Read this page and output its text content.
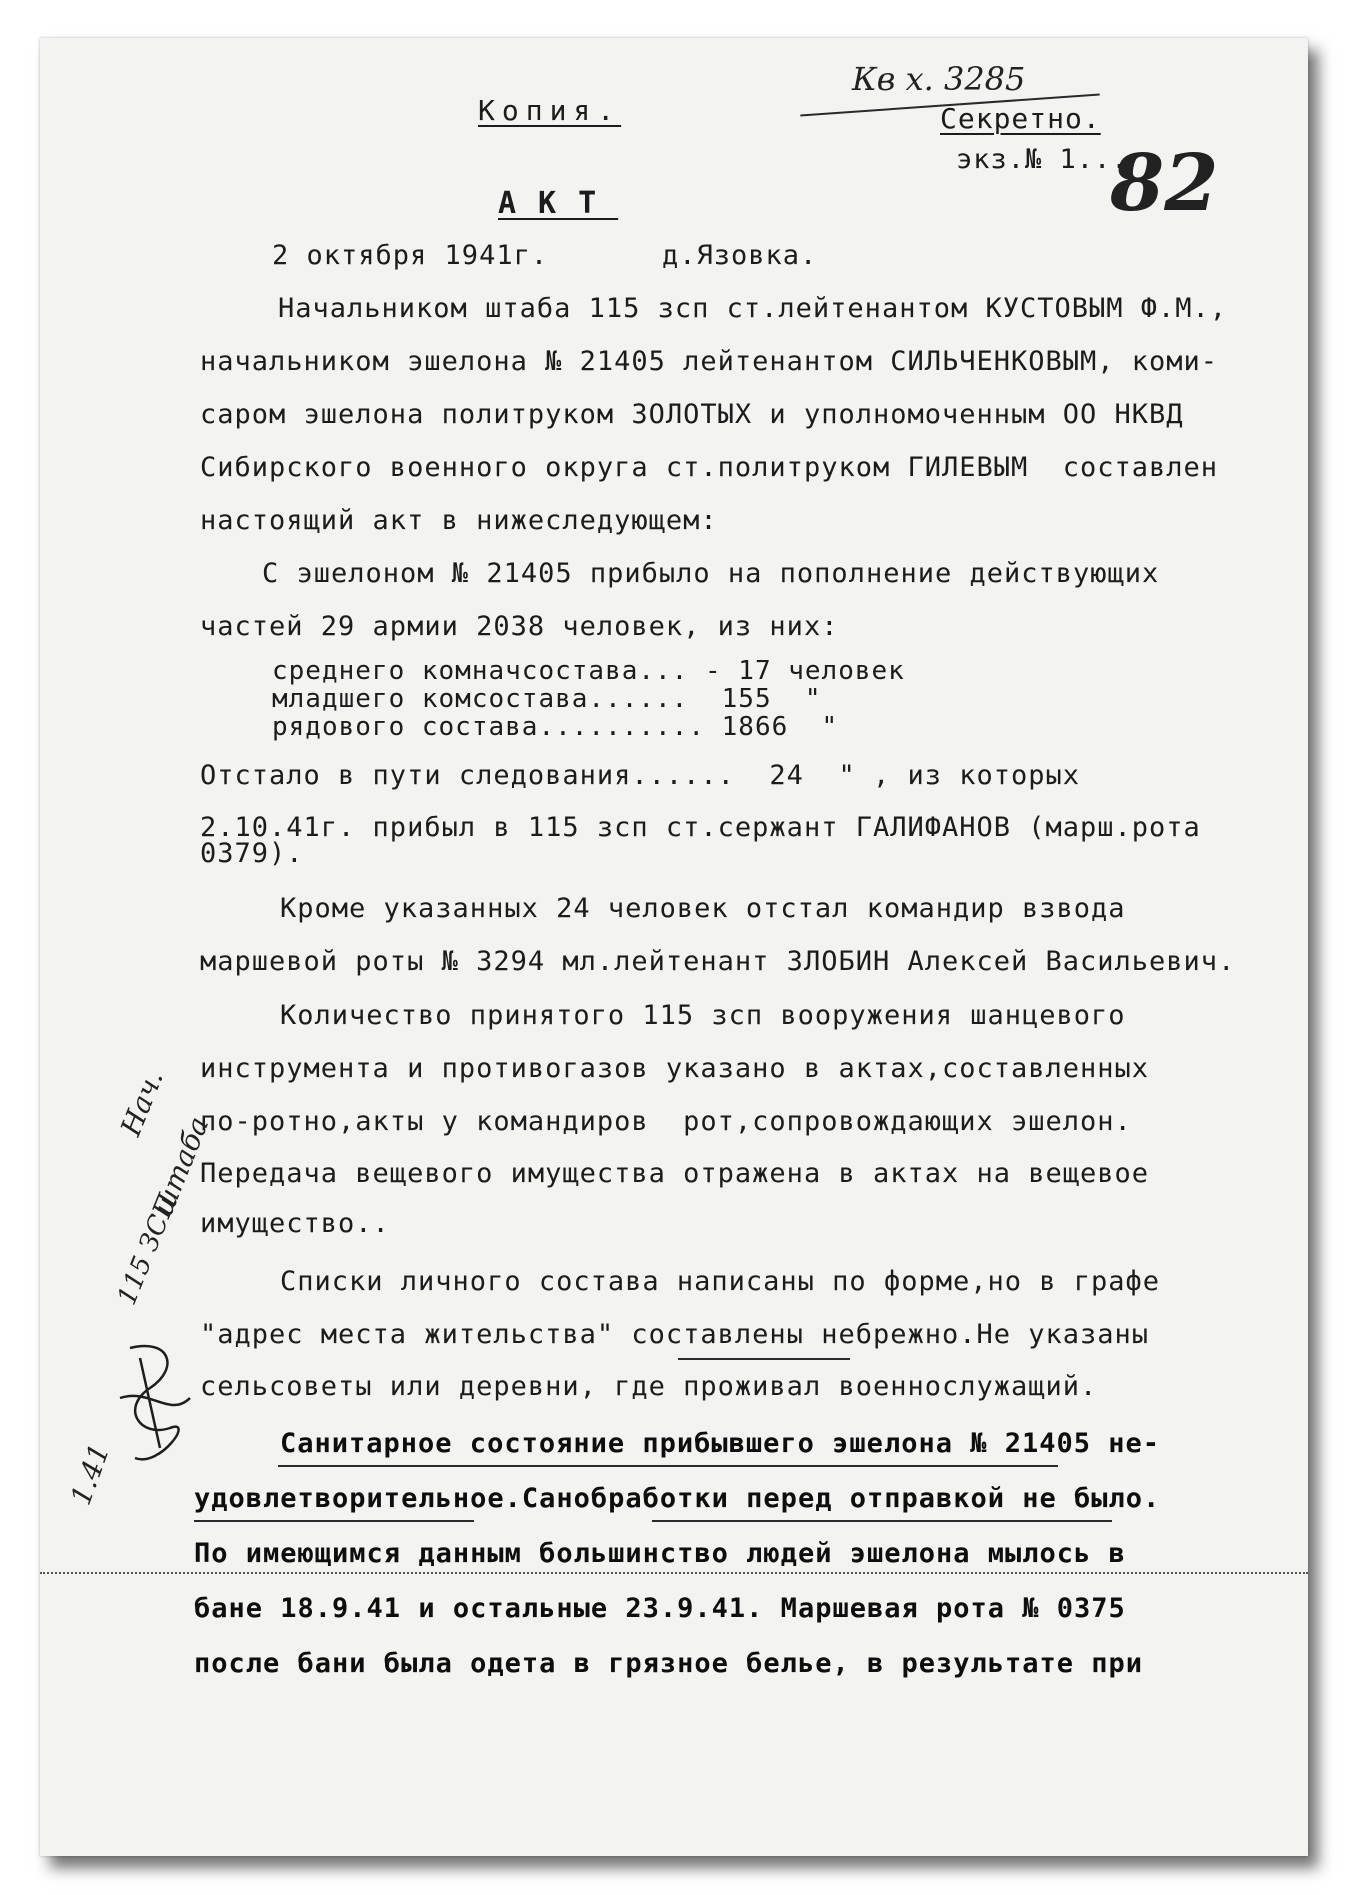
Кв х. 3285
Копия.	Секретно.
экз.№ 1...
82
АКТ
2 октября 1941г.	д.Язовка.
Начальником штаба 115 зсп ст.лейтенантом КУСТОВЫМ Ф.М.,
начальником эшелона № 21405 лейтенантом СИЛЬЧЕНКОВЫМ, коми-
саром эшелона политруком ЗОЛОТЫХ и уполномоченным ОО НКВД
Сибирского военного округа ст.политруком ГИЛЕВЫМ  составлен
настоящий акт в нижеследующем:
С эшелоном № 21405 прибыло на пополнение действующих
частей 29 армии 2038 человек, из них:
среднего комначсостава... - 17 человек
младшего комсостава......  155  "
рядового состава.......... 1866  "
Отстало в пути следования......  24  " , из которых
2.10.41г. прибыл в 115 зсп ст.сержант ГАЛИФАНОВ (марш.рота
0379).
Кроме указанных 24 человек отстал командир взвода
маршевой роты № 3294 мл.лейтенант ЗЛОБИН Алексей Васильевич.
Количество принятого 115 зсп вооружения шанцевого
инструмента и противогазов указано в актах,составленных
по-ротно,акты у командиров  рот,сопровождающих эшелон.
Передача вещевого имущества отражена в актах на вещевое
имущество..
Списки личного состава написаны по форме,но в графе
"адрес места жительства" составлены небрежно.Не указаны
сельсоветы или деревни, где проживал военнослужащий.
Санитарное состояние прибывшего эшелона № 21405 не-
удовлетворительное.Санобработки перед отправкой не было.
По имеющимся данным большинство людей эшелона мылось в
бане 18.9.41 и остальные 23.9.41. Маршевая рота № 0375
после бани была одета в грязное белье, в результате при
Нач.
штаба
115 ЗСП
1.41
